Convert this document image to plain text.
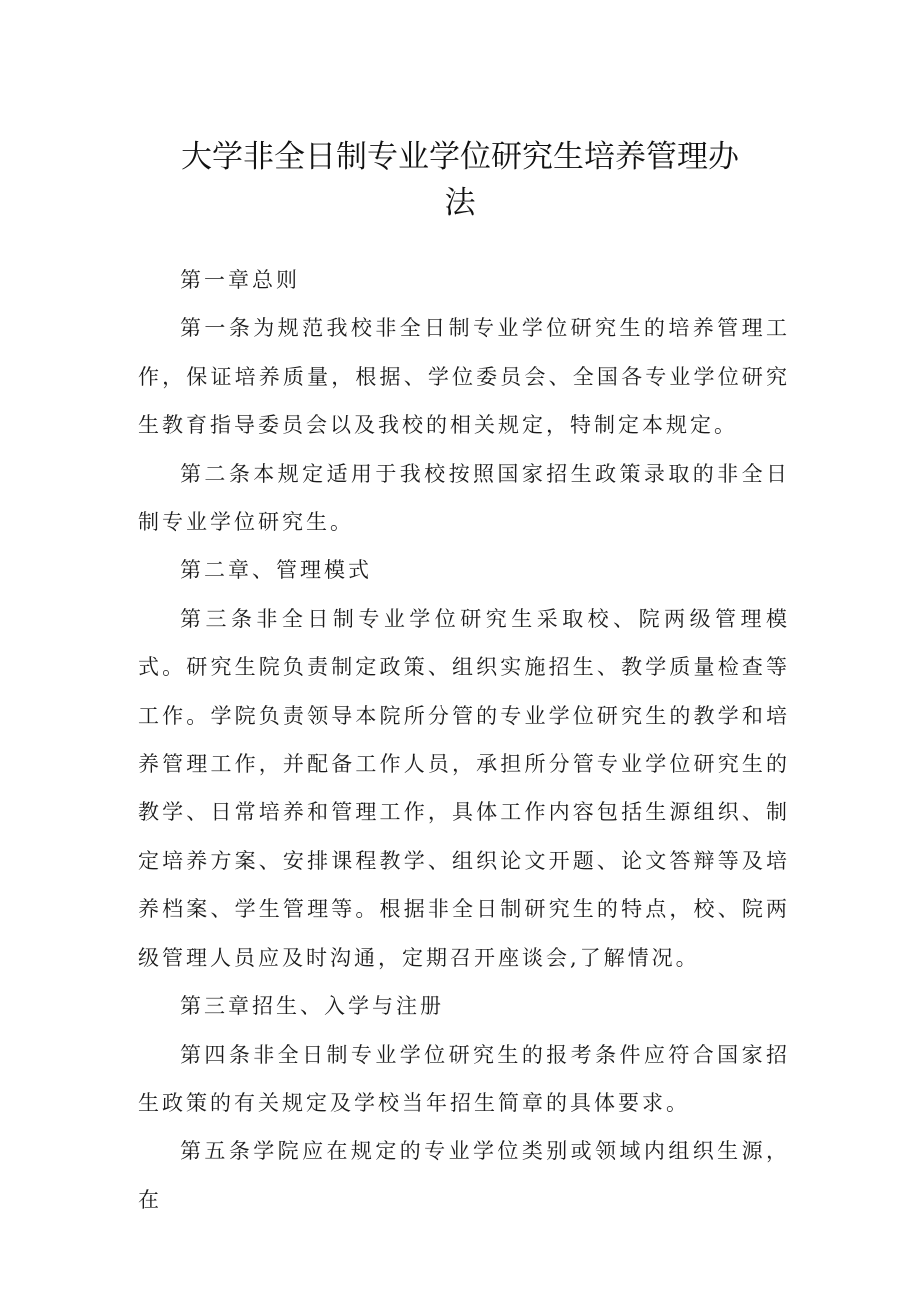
大学非全日制专业学位研究生培养管理办
法

第一章总则

第一条为规范我校非全日制专业学位研究生的培养管理工作，保证培养质量，根据、学位委员会、全国各专业学位研究生教育指导委员会以及我校的相关规定，特制定本规定。

第二条本规定适用于我校按照国家招生政策录取的非全日制专业学位研究生。

第二章、管理模式

第三条非全日制专业学位研究生采取校、院两级管理模式。研究生院负责制定政策、组织实施招生、教学质量检查等工作。学院负责领导本院所分管的专业学位研究生的教学和培养管理工作，并配备工作人员，承担所分管专业学位研究生的教学、日常培养和管理工作，具体工作内容包括生源组织、制定培养方案、安排课程教学、组织论文开题、论文答辩等及培养档案、学生管理等。根据非全日制研究生的特点，校、院两级管理人员应及时沟通，定期召开座谈会,了解情况。

第三章招生、入学与注册

第四条非全日制专业学位研究生的报考条件应符合国家招生政策的有关规定及学校当年招生简章的具体要求。

第五条学院应在规定的专业学位类别或领域内组织生源，在
